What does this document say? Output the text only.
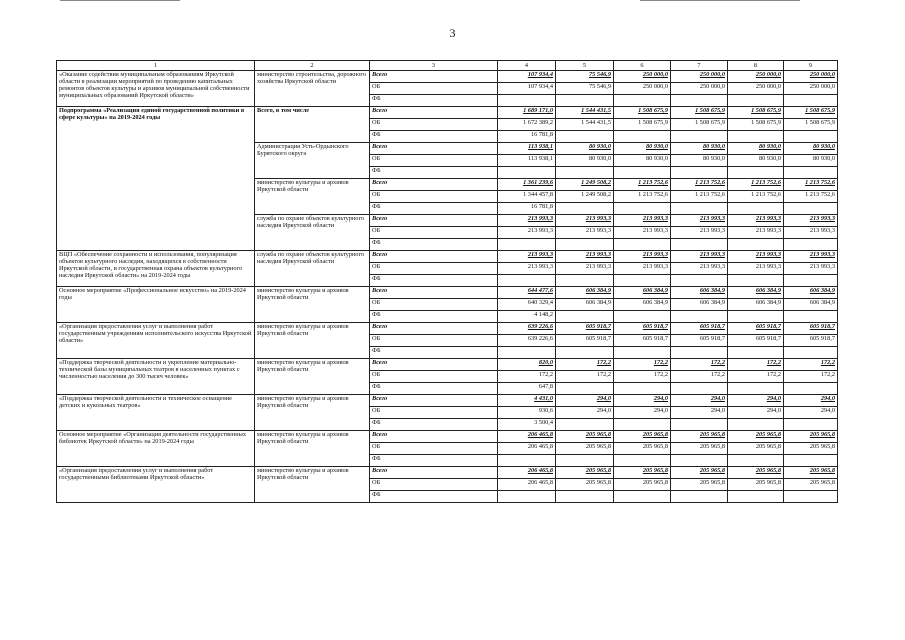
3
1	2	3	4	5	6	7	8	9
«Оказание содействия муниципальным образованиям Иркутской области в реализации мероприятий по проведению капитальных ремонтов объектов культуры и архивов муниципальной собственности муниципальных образований Иркутской области»	министерство строительства, дорожного хозяйства Иркутской области	Всего	107 934,4	75 546,9	250 000,0	250 000,0	250 000,0	250 000,0
		ОБ	107 934,4	75 546,9	250 000,0	250 000,0	250 000,0	250 000,0
		ФБ						
Подпрограмма «Реализация единой государственной политики в сфере культуры» на 2019-2024 годы	Всего, в том числе	Всего	1 689 171,0	1 544 431,5	1 508 675,9	1 508 675,9	1 508 675,9	1 508 675,9
		ОБ	1 672 389,2	1 544 431,5	1 508 675,9	1 508 675,9	1 508 675,9	1 508 675,9
		ФБ	16 781,8					
	Администрация Усть-Ордынского Бурятского округа	Всего	113 938,1	80 930,0	80 930,0	80 930,0	80 930,0	80 930,0
		ОБ	113 938,1	80 930,0	80 930,0	80 930,0	80 930,0	80 930,0
		ФБ						
	министерство культуры и архивов Иркутской области	Всего	1 361 239,6	1 249 508,2	1 213 752,6	1 213 752,6	1 213 752,6	1 213 752,6
		ОБ	1 344 457,8	1 249 508,2	1 213 752,6	1 213 752,6	1 213 752,6	1 213 752,6
		ФБ	16 781,8					
	служба по охране объектов культурного наследия Иркутской области	Всего	213 993,3	213 993,3	213 993,3	213 993,3	213 993,3	213 993,3
		ОБ	213 993,3	213 993,3	213 993,3	213 993,3	213 993,3	213 993,3
		ФБ						
ВЦП «Обеспечение сохранности и использования, популяризация объектов культурного наследия, находящихся в собственности Иркутской области, и государственная охрана объектов культурного наследия Иркутской области» на 2019-2024 годы	служба по охране объектов культурного наследия Иркутской области	Всего	213 993,3	213 993,3	213 993,3	213 993,3	213 993,3	213 993,3
		ОБ	213 993,3	213 993,3	213 993,3	213 993,3	213 993,3	213 993,3
		ФБ						
Основное мероприятие «Профессиональное искусство» на 2019-2024 годы	министерство культуры и архивов Иркутской области	Всего	644 477,6	606 384,9	606 384,9	606 384,9	606 384,9	606 384,9
		ОБ	640 329,4	606 384,9	606 384,9	606 384,9	606 384,9	606 384,9
		ФБ	4 148,2					
«Организация предоставления услуг и выполнения работ государственным учреждениям исполнительского искусства Иркутской области»	министерство культуры и архивов Иркутской области	Всего	639 226,6	605 918,7	605 918,7	605 918,7	605 918,7	605 918,7
		ОБ	639 226,6	605 918,7	605 918,7	605 918,7	605 918,7	605 918,7
		ФБ						
«Поддержка творческой деятельности и укрепление материально-технической базы муниципальных театров в населенных пунктах с численностью населения до 300 тысяч человек»	министерство культуры и архивов Иркутской области	Всего	820,0	172,2	172,2	172,2	172,2	172,2
		ОБ	172,2	172,2	172,2	172,2	172,2	172,2
		ФБ	647,8					
«Поддержка творческой деятельности и техническое оснащение детских и кукольных театров»	министерство культуры и архивов Иркутской области	Всего	4 431,0	294,0	294,0	294,0	294,0	294,0
		ОБ	930,6	294,0	294,0	294,0	294,0	294,0
		ФБ	3 500,4					
Основное мероприятие «Организация деятельности государственных библиотек Иркутской области» на 2019-2024 годы	министерство культуры и архивов Иркутской области	Всего	206 465,8	205 965,8	205 965,8	205 965,8	205 965,8	205 965,8
		ОБ	206 465,8	205 965,8	205 965,8	205 965,8	205 965,8	205 965,8
		ФБ						
«Организация предоставления услуг и выполнения работ государственными библиотеками Иркутской области»	министерство культуры и архивов Иркутской области	Всего	206 465,8	205 965,8	205 965,8	205 965,8	205 965,8	205 965,8
		ОБ	206 465,8	205 965,8	205 965,8	205 965,8	205 965,8	205 965,8
		ФБ						
